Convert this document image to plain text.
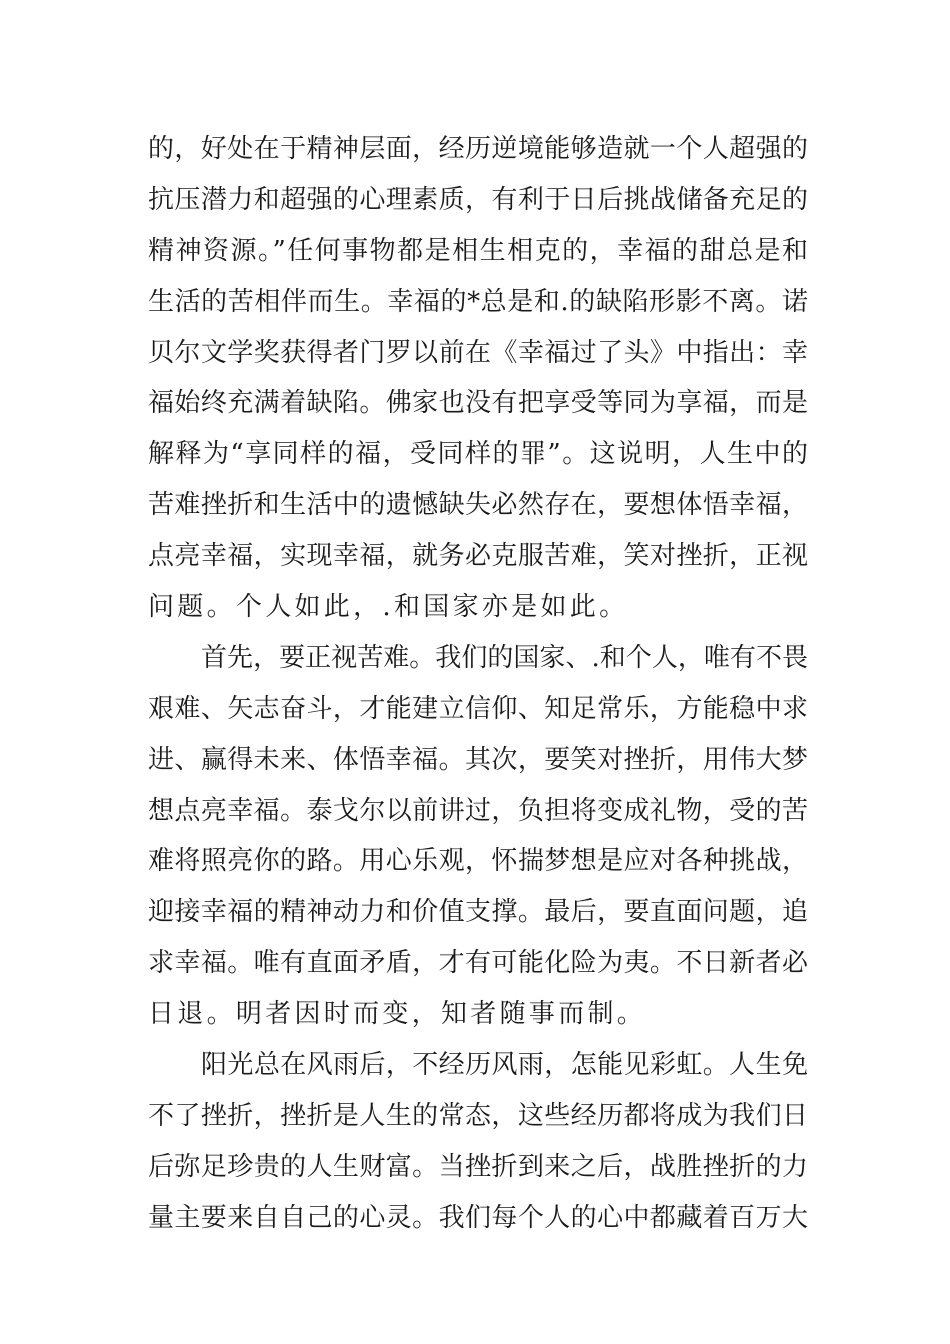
的，好处在于精神层面，经历逆境能够造就一个人超强的
抗压潜力和超强的心理素质，有利于日后挑战储备充足的
精神资源。”任何事物都是相生相克的，幸福的甜总是和
生活的苦相伴而生。幸福的*总是和.的缺陷形影不离。诺
贝尔文学奖获得者门罗以前在《幸福过了头》中指出：幸
福始终充满着缺陷。佛家也没有把享受等同为享福，而是
解释为“享同样的福，受同样的罪”。这说明，人生中的
苦难挫折和生活中的遗憾缺失必然存在，要想体悟幸福，
点亮幸福，实现幸福，就务必克服苦难，笑对挫折，正视
问题。个人如此，.和国家亦是如此。
首先，要正视苦难。我们的国家、.和个人，唯有不畏
艰难、矢志奋斗，才能建立信仰、知足常乐，方能稳中求
进、赢得未来、体悟幸福。其次，要笑对挫折，用伟大梦
想点亮幸福。泰戈尔以前讲过，负担将变成礼物，受的苦
难将照亮你的路。用心乐观，怀揣梦想是应对各种挑战，
迎接幸福的精神动力和价值支撑。最后，要直面问题，追
求幸福。唯有直面矛盾，才有可能化险为夷。不日新者必
日退。明者因时而变，知者随事而制。
阳光总在风雨后，不经历风雨，怎能见彩虹。人生免
不了挫折，挫折是人生的常态，这些经历都将成为我们日
后弥足珍贵的人生财富。当挫折到来之后，战胜挫折的力
量主要来自自己的心灵。我们每个人的心中都藏着百万大
